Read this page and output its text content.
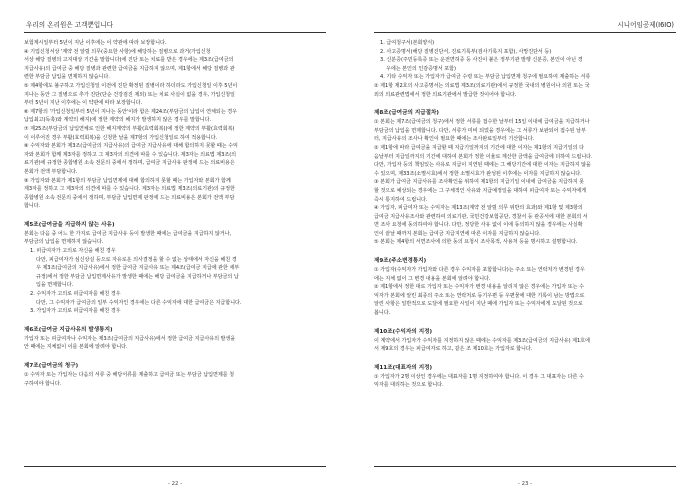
우리의 온리원은 고객뿐입니다
보험계시일부터 5년이 지난 이후에는 이 약관에 따라 보장합니다.
④ 기업신청서상 '계약 전 알릴 의무(중요한 사항)에 해당하는 질병으로 과거(가입신청
서상 해당 질병의 고지대상 기간을 말합니다)에 진단 또는 치료를 받은 경우에는 제3조(급여금의
지급사유)의 급여금 중 해당 질병과 관련한 급여금을 지급하지 않으며, 제1항에서 해당 질병과 관
련한 부담금 납입을 면제하지 않습니다.
⑤ 제4항에도 불구하고 가입신청일 이전에 진단 확정된 질병이라 하더라도 가입신청일 이후 5년이
지나는 동안 그 질병으로 추가 진단(단순 건강검진 제외) 또는 치료 사실이 없을 경우, 가입신청일
부터 5년이 지난 이후에는 이 약관에 따라 보장합니다.
⑥ 제7항의 '가입신청일부터 5년이 지나는 동안'이라 함은 제24조(부담금의 납입이 연체되는 경우
납입최고(독촉)와 계약의 해지)에 정한 계약의 해지가 발생하지 않은 경우를 말합니다.
⑦ 제25조(부담금의 납입연체로 인한 해지계약의 부활(효력회복))에 정한 계약의 부활(효력회복)
이 이루어진 경우 부활(효력회복)을 신청한 날을 제7항의 가입신청일로 하여 적용합니다.
⑧ 수익자와 본회가 제3조(급여금의 지급사유)의 급여금 지급사유에 대해 합의하지 못할 때는 수익
자와 본회가 함께 제3자를 정하고 그 제3자의 의견에 따를 수 있습니다. 제3자는 의료법 제3조(의
료기관)에 규정한 종합병원 소속 전문의 중에서 정하며, 급여금 지급사유 판정에 드는 의료비용은
본회가 전액 부담합니다.
⑨ 가입자와 본회가 제1항의 부담금 납입면제에 대해 합의하지 못할 때는 가입자와 본회가 함께
제3자를 정하고 그 제3자의 의견에 따를 수 있습니다. 제3자는 의료법 제3조(의료기관)의 규정한
종합병원 소속 전문의 중에서 정하며, 부담금 납입면제 판정에 드는 의료비용은 본회가 전액 부담
합니다.
제5조(급여금을 지급하지 않는 사유)
본회는 다음 중 어느 한 가지로 급여금 지급사유 등이 발생한 때에는 급여금을 지급하지 않거나,
부담금의 납입을 면제하지 않습니다.
1. 피급여자가 고의로 자신을 해친 경우
다만, 피급여자가 심신상실 등으로 자유로운 의사결정을 할 수 없는 상태에서 자신을 해친 경
우 제3조(급여금의 지급사유)에서 정한 급여금 지급사유 또는 제4조(급여금 지급에 관한 세부
규정)에서 정한 부담금 납입면제사유가 발생한 때에는 해당 급여금을 지급하거나 부담금의 납
입을 면제합니다.
2. 수익자가 고의로 피급여자를 해친 경우
다만, 그 수익자가 급여금의 일부 수익자인 경우에는 다른 수익자에 대한 급여금은 지급합니다.
3. 가입자가 고의로 피급여자를 해친 경우
제6조(급여금 지급사유의 발생통지)
가입자 또는 피급여자나 수익자는 제3조(급여금의 지급사유)에서 정한 급여금 지급사유의 발생을
안 때에는 지체없이 이를 본회에 알려야 합니다.
제7조(급여금의 청구)
① 수익자 또는 가입자는 다음의 서류 중 해당서류를 제출하고 급여금 또는 부담금 납입면제를 청
구하여야 합니다.
- 22 -
시니어임공제(I6IO)
1. 급여청구서(본회양식)
2. 사고증명서(해당 질병진단서, 진료기록부(검사기록지 포함), 사망진단서 등)
3. 신분증(주민등록증 또는 운전면허증 등 사진이 붙은 정부기관 발행 신분증, 본인이 아닌 경
우에는 본인의 인감증명서 포함)
4. 기타 수익자 또는 가입자가 급여금 수령 또는 부담금 납입면제 청구에 필요하여 제출하는 서류
② 제1항 제2호의 사고증명서는 의료법 제3조(의료기관)에서 규정한 국내의 병원이나 의원 또는 국
외의 의료관련법에서 정한 의료기관에서 발급한 것이어야 합니다.
제8조(급여금의 지급절차)
① 본회는 제7조(급여금의 청구)에서 정한 서류를 접수한 날부터 15일 이내에 급여금을 지급하거나
부담금의 납입을 면제합니다. 다만, 서류가 미비 되었을 경우에는 그 서류가 보완되어 접수된 날부
터, 지급사유의 조사나 확인이 필요한 때에는 조사완료일부터 기산합니다.
② 제1항에 따라 급여금을 지급할 때 지급기일까지의 기간에 대한 이자는 제1항의 지급기일의 다
음날부터 지급일까지의 기간에 대하여 본회가 정한 이율로 계산한 금액을 급여금에 더하여 드립니다.
다만, 가입자 등의 책임있는 사유로 지급이 지연된 때에는 그 해당기간에 대한 이자는 지급하지 않을
수 있으며, 제33조(소멸시효)에서 정한 소멸시효가 완성된 이후에는 이자를 지급하지 않습니다.
③ 본회가 급여금 지급사유를 조사확인을 위하여 제1항의 지급기일 이내에 급여금을 지급하지 못
할 것으로 예상되는 경우에는 그 구체적인 사유와 지급예정일을 대하여 피급여자 또는 수익자에게
즉시 통지하여 드립니다.
④ 가입자, 피급여자 또는 수익자는 제13조(계약 전 알릴 의무 위반의 효과)와 제1항 및 제3항의
급여금 지급사유조사와 관련하여 의료기관, 국민건강보험공단, 경찰서 등 관공서에 대한 본회의 서
면 조사 요청에 동의하여야 합니다. 다만, 정당한 사유 없이 이에 동의하지 않을 경우에는 사실확
인이 끝날 때까지 본회는 급여금 지급지연에 따른 이자를 지급하지 않습니다.
⑤ 본회는 제4항의 서면조사에 의한 동의 요청시 조사목적, 사용처 등을 명시하고 설명합니다.
제9조(주소변경통지)
① 가입자(수익자가 가입자와 다른 경우 수익자를 포함합니다)는 주소 또는 연락처가 변경된 경우
에는 지체 없이 그 변경 내용을 본회에 알려야 합니다.
② 제1항에서 정한 대로 가입자 또는 수익자가 변경 내용을 알리지 않은 경우에는 가입자 또는 수
익자가 본회에 알린 최종의 주소 또는 연락처로 등기우편 등 우편물에 대한 기록이 남는 방법으로
알린 사항은 일반적으로 도달에 필요한 시일이 지난 때에 가입자 또는 수익자에게 도달된 것으로
봅니다.
제10조(수익자의 지정)
이 계약에서 가입자가 수익자를 지정하지 않은 때에는 수익자를 제3조(급여금의 지급사유) 제1호에
서 제9호의 경우는 피급여자로 하고, 같은 조 제10호는 가입자로 합니다.
제11조(대표자의 지정)
① 가입자가 2명 이상인 경우에는 대표자를 1명 지정하여야 합니다. 이 경우 그 대표자는 다른 수
익자를 대리하는 것으로 합니다.
- 23 -
